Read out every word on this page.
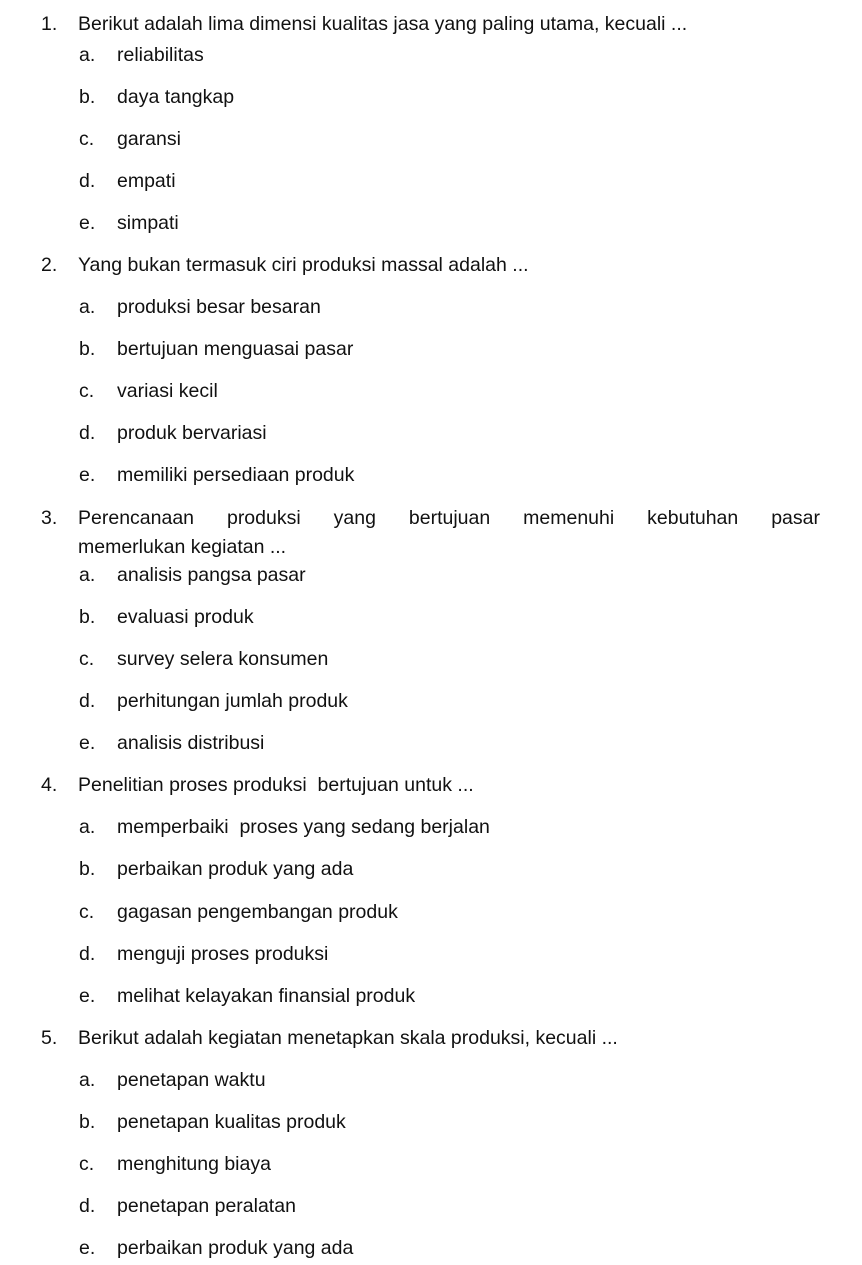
1.	Berikut adalah lima dimensi kualitas jasa yang paling utama, kecuali ...
a.	reliabilitas
b.	daya tangkap
c.	garansi
d.	empati
e.	simpati
2.	Yang bukan termasuk ciri produksi massal adalah ...
a.	produksi besar besaran
b.	bertujuan menguasai pasar
c.	variasi kecil
d.	produk bervariasi
e.	memiliki persediaan produk
3.	Perencanaan produksi yang bertujuan memenuhi kebutuhan pasar
memerlukan kegiatan ...
a.	analisis pangsa pasar
b.	evaluasi produk
c.	survey selera konsumen
d.	perhitungan jumlah produk
e.	analisis distribusi
4.	Penelitian proses produksi  bertujuan untuk ...
a.	memperbaiki  proses yang sedang berjalan
b.	perbaikan produk yang ada
c.	gagasan pengembangan produk
d.	menguji proses produksi
e.	melihat kelayakan finansial produk
5.	Berikut adalah kegiatan menetapkan skala produksi, kecuali ...
a.	penetapan waktu
b.	penetapan kualitas produk
c.	menghitung biaya
d.	penetapan peralatan
e.	perbaikan produk yang ada
